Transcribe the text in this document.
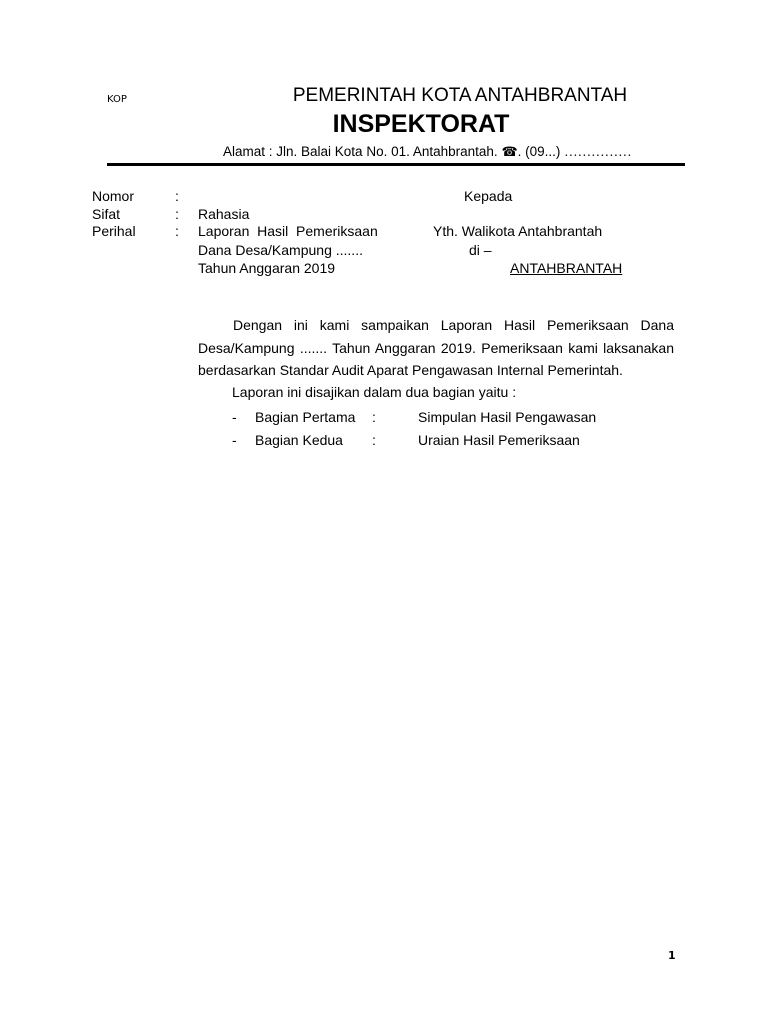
KOP	PEMERINTAH KOTA ANTAHBRANTAH
INSPEKTORAT
Alamat : Jln. Balai Kota No. 01. Antahbrantah. ☎. (09...) ……………
Nomor	:
Sifat	: Rahasia
Perihal	: Laporan  Hasil  Pemeriksaan
Dana Desa/Kampung .......
Tahun Anggaran 2019
Kepada
Yth. Walikota Antahbrantah
di –
ANTAHBRANTAH
Dengan ini kami sampaikan Laporan Hasil Pemeriksaan Dana Desa/Kampung ....... Tahun Anggaran 2019. Pemeriksaan kami laksanakan berdasarkan Standar Audit Aparat Pengawasan Internal Pemerintah.
Laporan ini disajikan dalam dua bagian yaitu :
- Bagian Pertama :	Simpulan Hasil Pengawasan
- Bagian Kedua :	Uraian Hasil Pemeriksaan
1
